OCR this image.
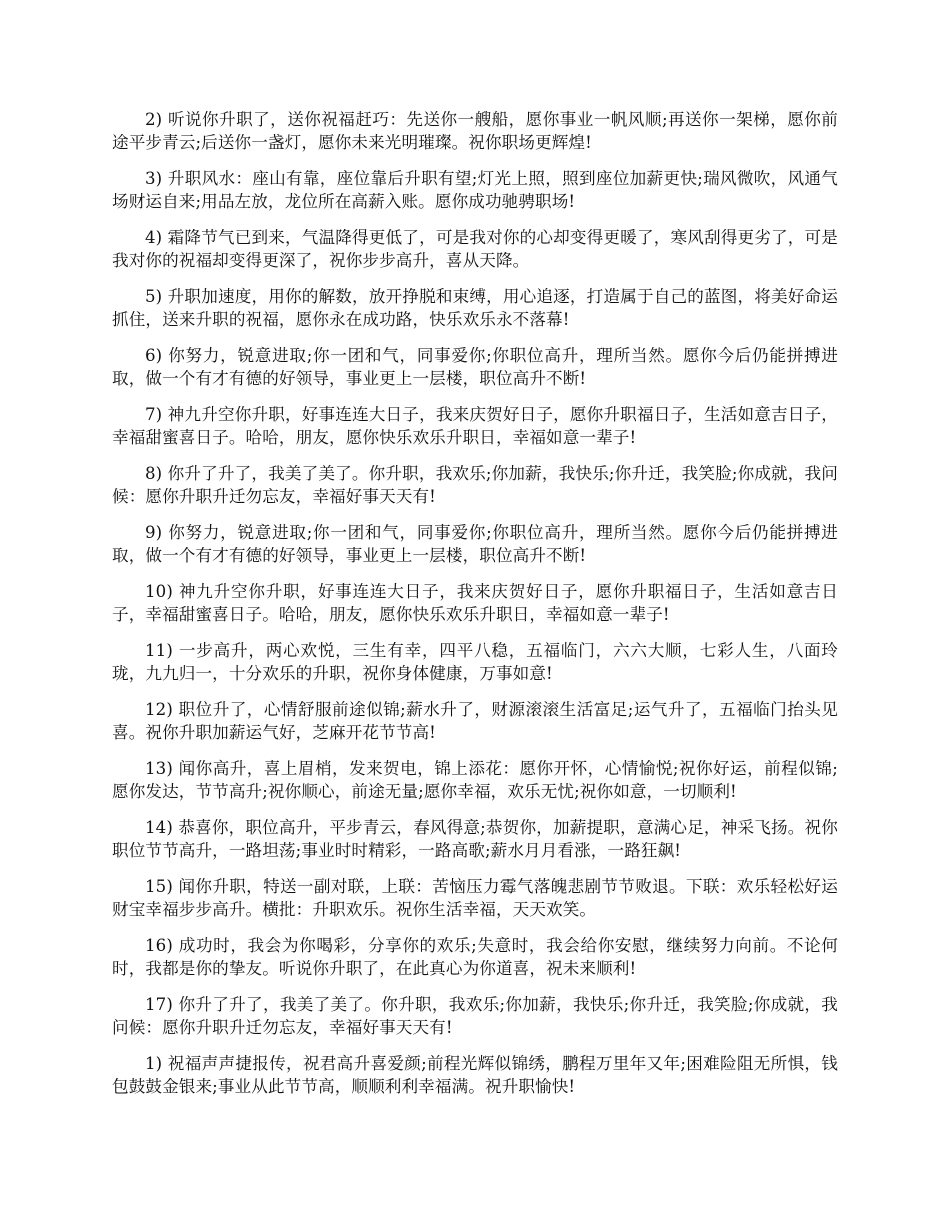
2) 听说你升职了，送你祝福赶巧：先送你一艘船，愿你事业一帆风顺;再送你一架梯，愿你前途平步青云;后送你一盏灯，愿你未来光明璀璨。祝你职场更辉煌!

3) 升职风水：座山有靠，座位靠后升职有望;灯光上照，照到座位加薪更快;瑞风微吹，风通气场财运自来;用品左放，龙位所在高薪入账。愿你成功驰骋职场!

4) 霜降节气已到来，气温降得更低了，可是我对你的心却变得更暖了，寒风刮得更劣了，可是我对你的祝福却变得更深了，祝你步步高升，喜从天降。

5) 升职加速度，用你的解数，放开挣脱和束缚，用心追逐，打造属于自己的蓝图，将美好命运抓住，送来升职的祝福，愿你永在成功路，快乐欢乐永不落幕!

6) 你努力，锐意进取;你一团和气，同事爱你;你职位高升，理所当然。愿你今后仍能拼搏进取，做一个有才有德的好领导，事业更上一层楼，职位高升不断!

7) 神九升空你升职，好事连连大日子，我来庆贺好日子，愿你升职福日子，生活如意吉日子，幸福甜蜜喜日子。哈哈，朋友，愿你快乐欢乐升职日，幸福如意一辈子!

8) 你升了升了，我美了美了。你升职，我欢乐;你加薪，我快乐;你升迁，我笑脸;你成就，我问候：愿你升职升迁勿忘友，幸福好事天天有!

9) 你努力，锐意进取;你一团和气，同事爱你;你职位高升，理所当然。愿你今后仍能拼搏进取，做一个有才有德的好领导，事业更上一层楼，职位高升不断!

10) 神九升空你升职，好事连连大日子，我来庆贺好日子，愿你升职福日子，生活如意吉日子，幸福甜蜜喜日子。哈哈，朋友，愿你快乐欢乐升职日，幸福如意一辈子!

11) 一步高升，两心欢悦，三生有幸，四平八稳，五福临门，六六大顺，七彩人生，八面玲珑，九九归一，十分欢乐的升职，祝你身体健康，万事如意!

12) 职位升了，心情舒服前途似锦;薪水升了，财源滚滚生活富足;运气升了，五福临门抬头见喜。祝你升职加薪运气好，芝麻开花节节高!

13) 闻你高升，喜上眉梢，发来贺电，锦上添花：愿你开怀，心情愉悦;祝你好运，前程似锦;愿你发达，节节高升;祝你顺心，前途无量;愿你幸福，欢乐无忧;祝你如意，一切顺利!

14) 恭喜你，职位高升，平步青云，春风得意;恭贺你，加薪提职，意满心足，神采飞扬。祝你职位节节高升，一路坦荡;事业时时精彩，一路高歌;薪水月月看涨，一路狂飙!

15) 闻你升职，特送一副对联，上联：苦恼压力霉气落魄悲剧节节败退。下联：欢乐轻松好运财宝幸福步步高升。横批：升职欢乐。祝你生活幸福，天天欢笑。

16) 成功时，我会为你喝彩，分享你的欢乐;失意时，我会给你安慰，继续努力向前。不论何时，我都是你的挚友。听说你升职了，在此真心为你道喜，祝未来顺利!

17) 你升了升了，我美了美了。你升职，我欢乐;你加薪，我快乐;你升迁，我笑脸;你成就，我问候：愿你升职升迁勿忘友，幸福好事天天有!

1) 祝福声声捷报传，祝君高升喜爱颜;前程光辉似锦绣，鹏程万里年又年;困难险阻无所惧，钱包鼓鼓金银来;事业从此节节高，顺顺利利幸福满。祝升职愉快!
